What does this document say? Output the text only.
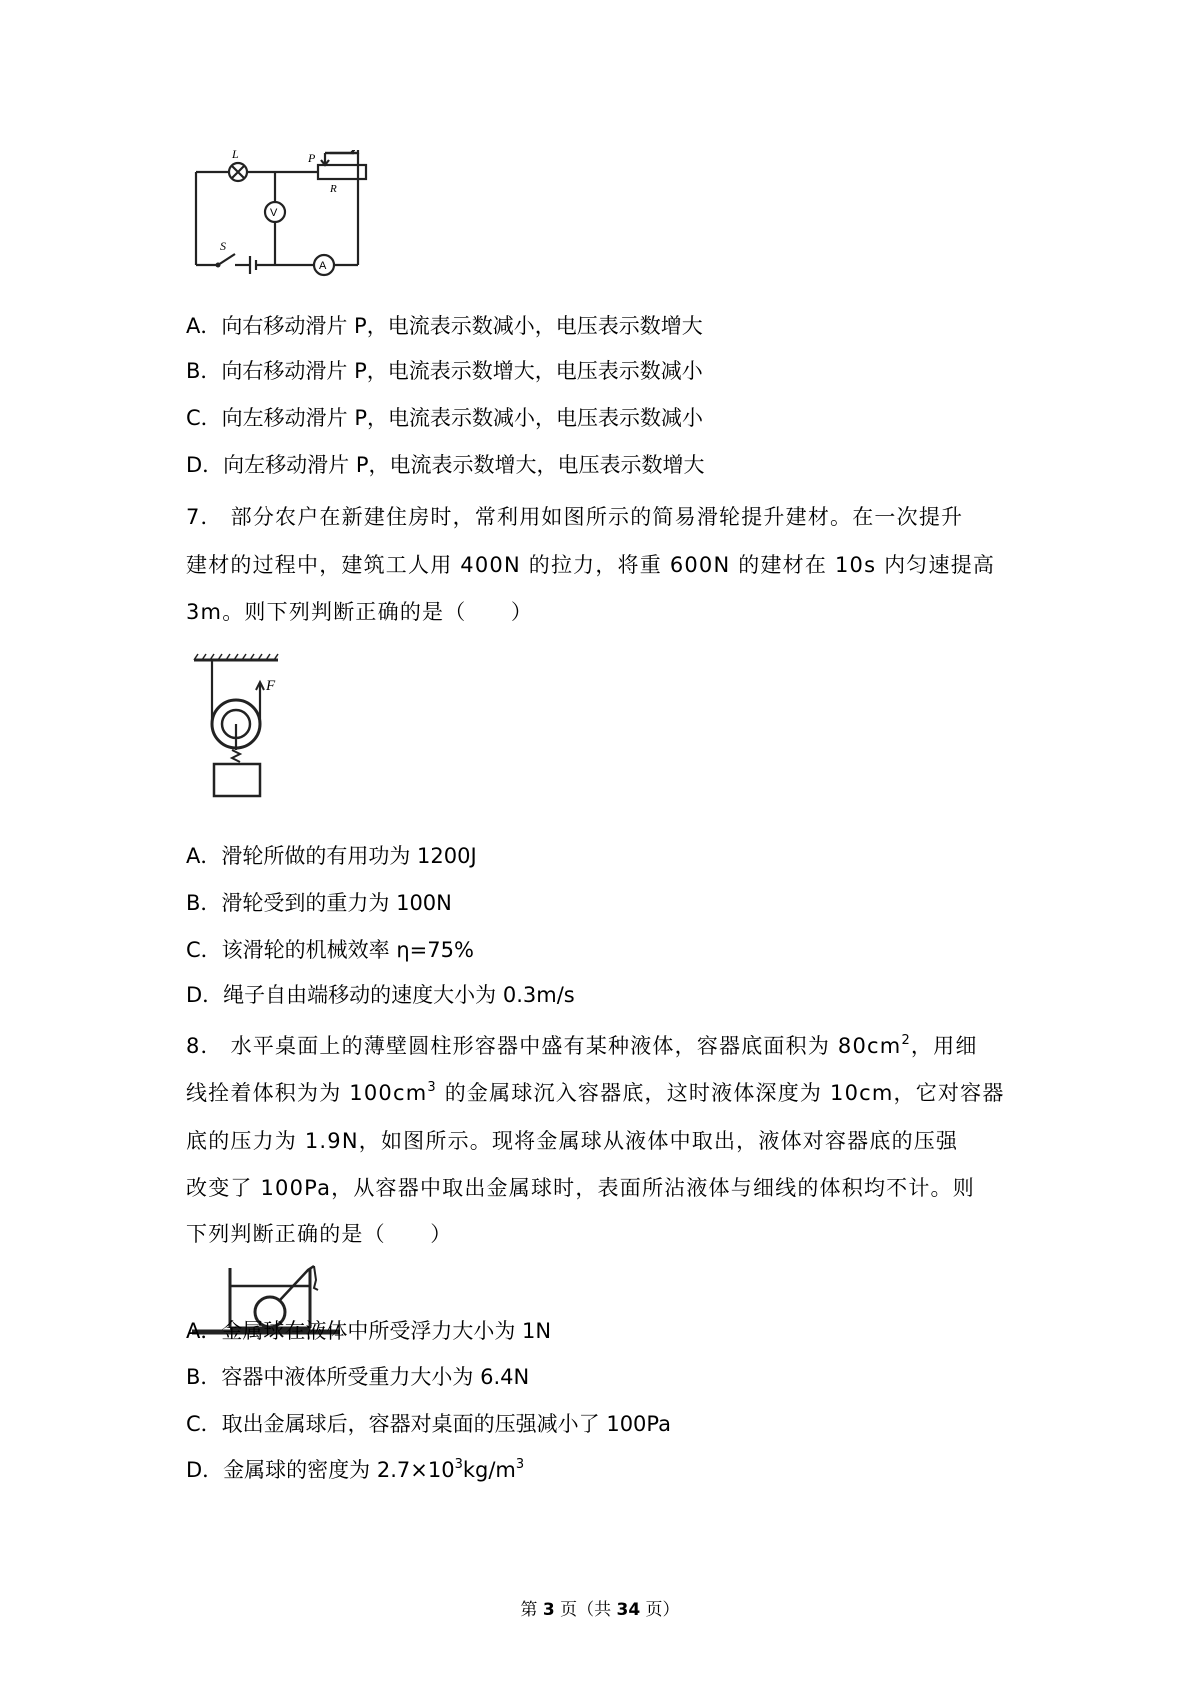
L	P
R
S
V
A
A．向右移动滑片 P，电流表示数减小，电压表示数增大
B．向右移动滑片 P，电流表示数增大，电压表示数减小
C．向左移动滑片 P，电流表示数减小，电压表示数减小
D．向左移动滑片 P，电流表示数增大，电压表示数增大
7． 部分农户在新建住房时，常利用如图所示的简易滑轮提升建材。在一次提升
建材的过程中，建筑工人用 400N 的拉力，将重 600N 的建材在 10s 内匀速提高
3m。则下列判断正确的是（　　）
F
A．滑轮所做的有用功为 1200J
B．滑轮受到的重力为 100N
C．该滑轮的机械效率 η=75%
D．绳子自由端移动的速度大小为 0.3m/s
8． 水平桌面上的薄壁圆柱形容器中盛有某种液体，容器底面积为 $80cm^2$，用细
线拴着体积为为 $100cm^3$ 的金属球沉入容器底，这时液体深度为 10cm，它对容器
底的压力为 1.9N，如图所示。现将金属球从液体中取出，液体对容器底的压强
改变了 100Pa，从容器中取出金属球时，表面所沾液体与细线的体积均不计。则
下列判断正确的是（　　）
A．金属球在液体中所受浮力大小为 1N
B．容器中液体所受重力大小为 6.4N
C．取出金属球后，容器对桌面的压强减小了 100Pa
D．金属球的密度为 $2.7\times 10^3kg/m^3$
第 3 页（共 34 页）
